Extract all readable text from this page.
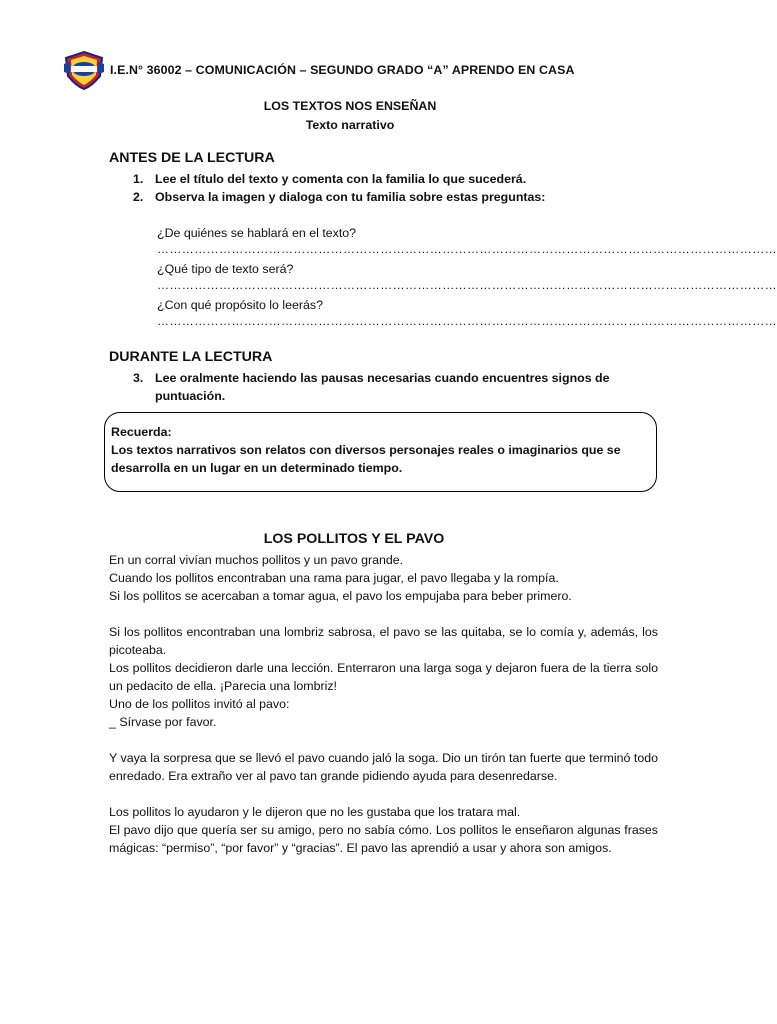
I.E.N° 36002 – COMUNICACIÓN – SEGUNDO GRADO “A” APRENDO EN CASA
LOS TEXTOS NOS ENSEÑAN
Texto narrativo
ANTES DE LA LECTURA
1. Lee el título del texto y comenta con la familia lo que sucederá.
2. Observa la imagen y dialoga con tu familia sobre estas preguntas:
¿De quiénes se hablará en el texto?
……………………………………………………………………………………………………………………………………
¿Qué tipo de texto será?
……………………………………………………………………………………………………………………………………
¿Con qué propósito lo leerás?
……………………………………………………………………………………………………………………………………
DURANTE LA LECTURA
3. Lee oralmente haciendo las pausas necesarias cuando encuentres signos de
puntuación.
Recuerda:
Los textos narrativos son relatos con diversos personajes reales o imaginarios que se
desarrolla en un lugar en un determinado tiempo.
LOS POLLITOS Y EL PAVO

En un corral vivían muchos pollitos y un pavo grande.

Cuando los pollitos encontraban una rama para jugar, el pavo llegaba y la rompía.

Si los pollitos se acercaban a tomar agua, el pavo los empujaba para beber primero.

Si los pollitos encontraban una lombriz sabrosa, el pavo se las quitaba, se lo comía y, además, los picoteaba.

Los pollitos decidieron darle una lección. Enterraron una larga soga y dejaron fuera de la tierra solo un pedacito de ella. ¡Parecia una lombriz!

Uno de los pollitos invitó al pavo:

_ Sírvase por favor.

Y vaya la sorpresa que se llevó el pavo cuando jaló la soga. Dio un tirón tan fuerte que terminó todo enredado. Era extraño ver al pavo tan grande pidiendo ayuda para desenredarse.

Los pollitos lo ayudaron y le dijeron que no les gustaba que los tratara mal.

El pavo dijo que quería ser su amigo, pero no sabía cómo. Los pollitos le enseñaron algunas frases mágicas: “permiso”, “por favor” y “gracias”. El pavo las aprendió a usar y ahora son amigos.
